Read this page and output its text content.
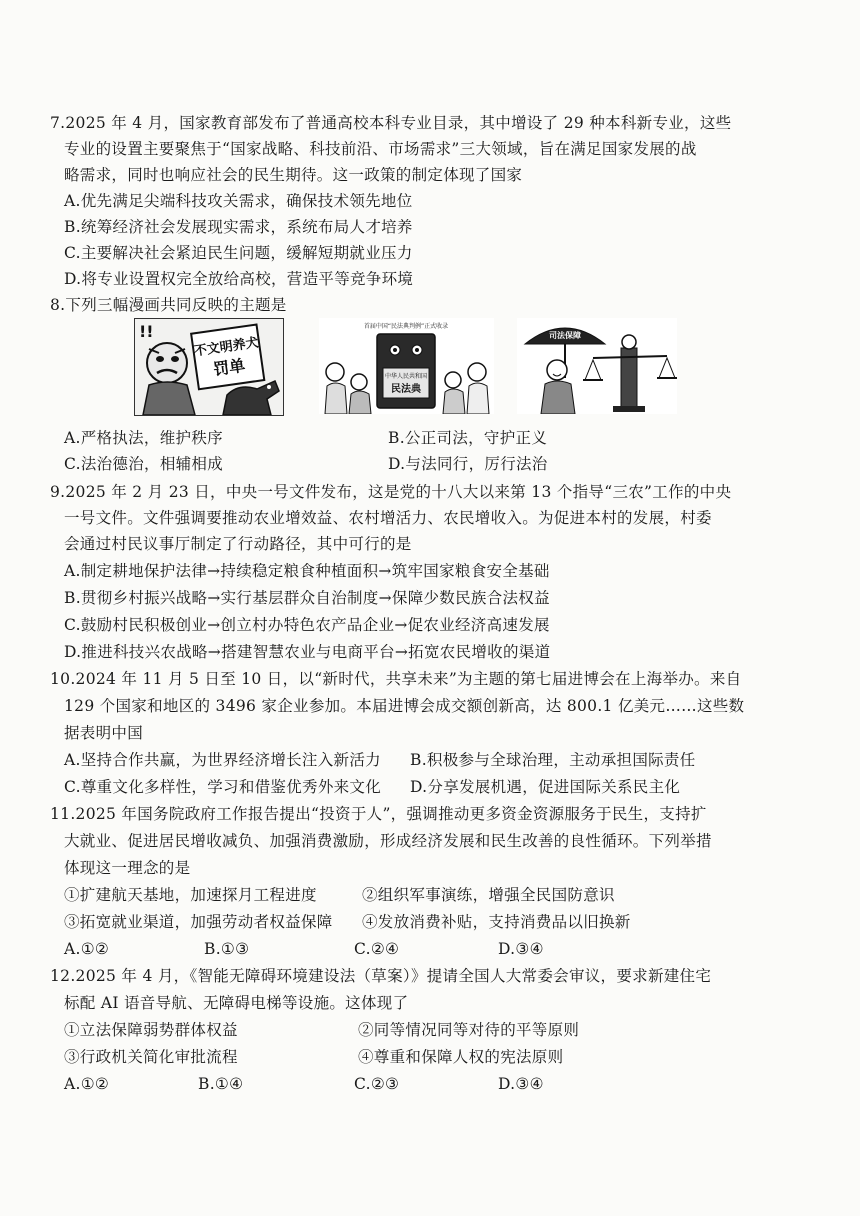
7.2025 年 4 月，国家教育部发布了普通高校本科专业目录，其中增设了 29 种本科新专业，这些
专业的设置主要聚焦于“国家战略、科技前沿、市场需求”三大领域，旨在满足国家发展的战
略需求，同时也响应社会的民生期待。这一政策的制定体现了国家
A.优先满足尖端科技攻关需求，确保技术领先地位
B.统筹经济社会发展现实需求，系统布局人才培养
C.主要解决社会紧迫民生问题，缓解短期就业压力
D.将专业设置权完全放给高校，营造平等竞争环境
8.下列三幅漫画共同反映的主题是
!!
不文明养犬
罚单
首届中国“民法典判例”正式收录
中华人民共和国
民法典
司法保障
A.严格执法，维护秩序	B.公正司法，守护正义
C.法治德治，相辅相成	D.与法同行，厉行法治
9.2025 年 2 月 23 日，中央一号文件发布，这是党的十八大以来第 13 个指导“三农”工作的中央
一号文件。文件强调要推动农业增效益、农村增活力、农民增收入。为促进本村的发展，村委
会通过村民议事厅制定了行动路径，其中可行的是
A.制定耕地保护法律→持续稳定粮食种植面积→筑牢国家粮食安全基础
B.贯彻乡村振兴战略→实行基层群众自治制度→保障少数民族合法权益
C.鼓励村民积极创业→创立村办特色农产品企业→促农业经济高速发展
D.推进科技兴农战略→搭建智慧农业与电商平台→拓宽农民增收的渠道
10.2024 年 11 月 5 日至 10 日，以“新时代，共享未来”为主题的第七届进博会在上海举办。来自
129 个国家和地区的 3496 家企业参加。本届进博会成交额创新高，达 800.1 亿美元……这些数
据表明中国
A.坚持合作共赢，为世界经济增长注入新活力 B.积极参与全球治理，主动承担国际责任
C.尊重文化多样性，学习和借鉴优秀外来文化 D.分享发展机遇，促进国际关系民主化
11.2025 年国务院政府工作报告提出“投资于人”，强调推动更多资金资源服务于民生，支持扩
大就业、促进居民增收减负、加强消费激励，形成经济发展和民生改善的良性循环。下列举措
体现这一理念的是
①扩建航天基地，加速探月工程进度	②组织军事演练，增强全民国防意识
③拓宽就业渠道，加强劳动者权益保障 ④发放消费补贴，支持消费品以旧换新
A.①②	B.①③	C.②④	D.③④
12.2025 年 4 月，《智能无障碍环境建设法（草案）》提请全国人大常委会审议，要求新建住宅
标配 AI 语音导航、无障碍电梯等设施。这体现了
①立法保障弱势群体权益	②同等情况同等对待的平等原则
③行政机关简化审批流程	④尊重和保障人权的宪法原则
A.①②	B.①④	C.②③	D.③④
